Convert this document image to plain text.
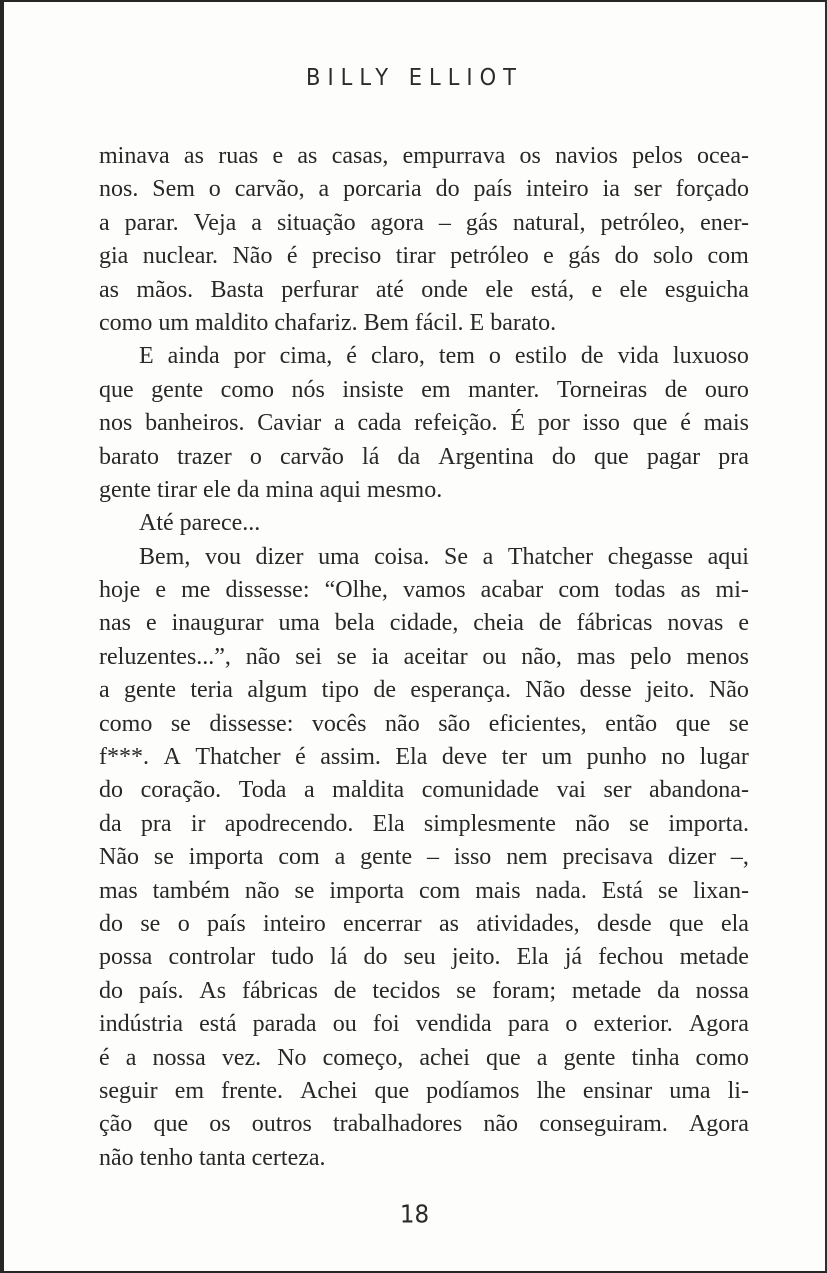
BILLY ELLIOT
minava as ruas e as casas, empurrava os navios pelos ocea-
nos. Sem o carvão, a porcaria do país inteiro ia ser forçado
a parar. Veja a situação agora – gás natural, petróleo, ener-
gia nuclear. Não é preciso tirar petróleo e gás do solo com
as mãos. Basta perfurar até onde ele está, e ele esguicha
como um maldito chafariz. Bem fácil. E barato.
E ainda por cima, é claro, tem o estilo de vida luxuoso
que gente como nós insiste em manter. Torneiras de ouro
nos banheiros. Caviar a cada refeição. É por isso que é mais
barato trazer o carvão lá da Argentina do que pagar pra
gente tirar ele da mina aqui mesmo.
Até parece...
Bem, vou dizer uma coisa. Se a Thatcher chegasse aqui
hoje e me dissesse: “Olhe, vamos acabar com todas as mi-
nas e inaugurar uma bela cidade, cheia de fábricas novas e
reluzentes...”, não sei se ia aceitar ou não, mas pelo menos
a gente teria algum tipo de esperança. Não desse jeito. Não
como se dissesse: vocês não são eficientes, então que se
f***. A Thatcher é assim. Ela deve ter um punho no lugar
do coração. Toda a maldita comunidade vai ser abandona-
da pra ir apodrecendo. Ela simplesmente não se importa.
Não se importa com a gente – isso nem precisava dizer –,
mas também não se importa com mais nada. Está se lixan-
do se o país inteiro encerrar as atividades, desde que ela
possa controlar tudo lá do seu jeito. Ela já fechou metade
do país. As fábricas de tecidos se foram; metade da nossa
indústria está parada ou foi vendida para o exterior. Agora
é a nossa vez. No começo, achei que a gente tinha como
seguir em frente. Achei que podíamos lhe ensinar uma li-
ção que os outros trabalhadores não conseguiram. Agora
não tenho tanta certeza.
18
